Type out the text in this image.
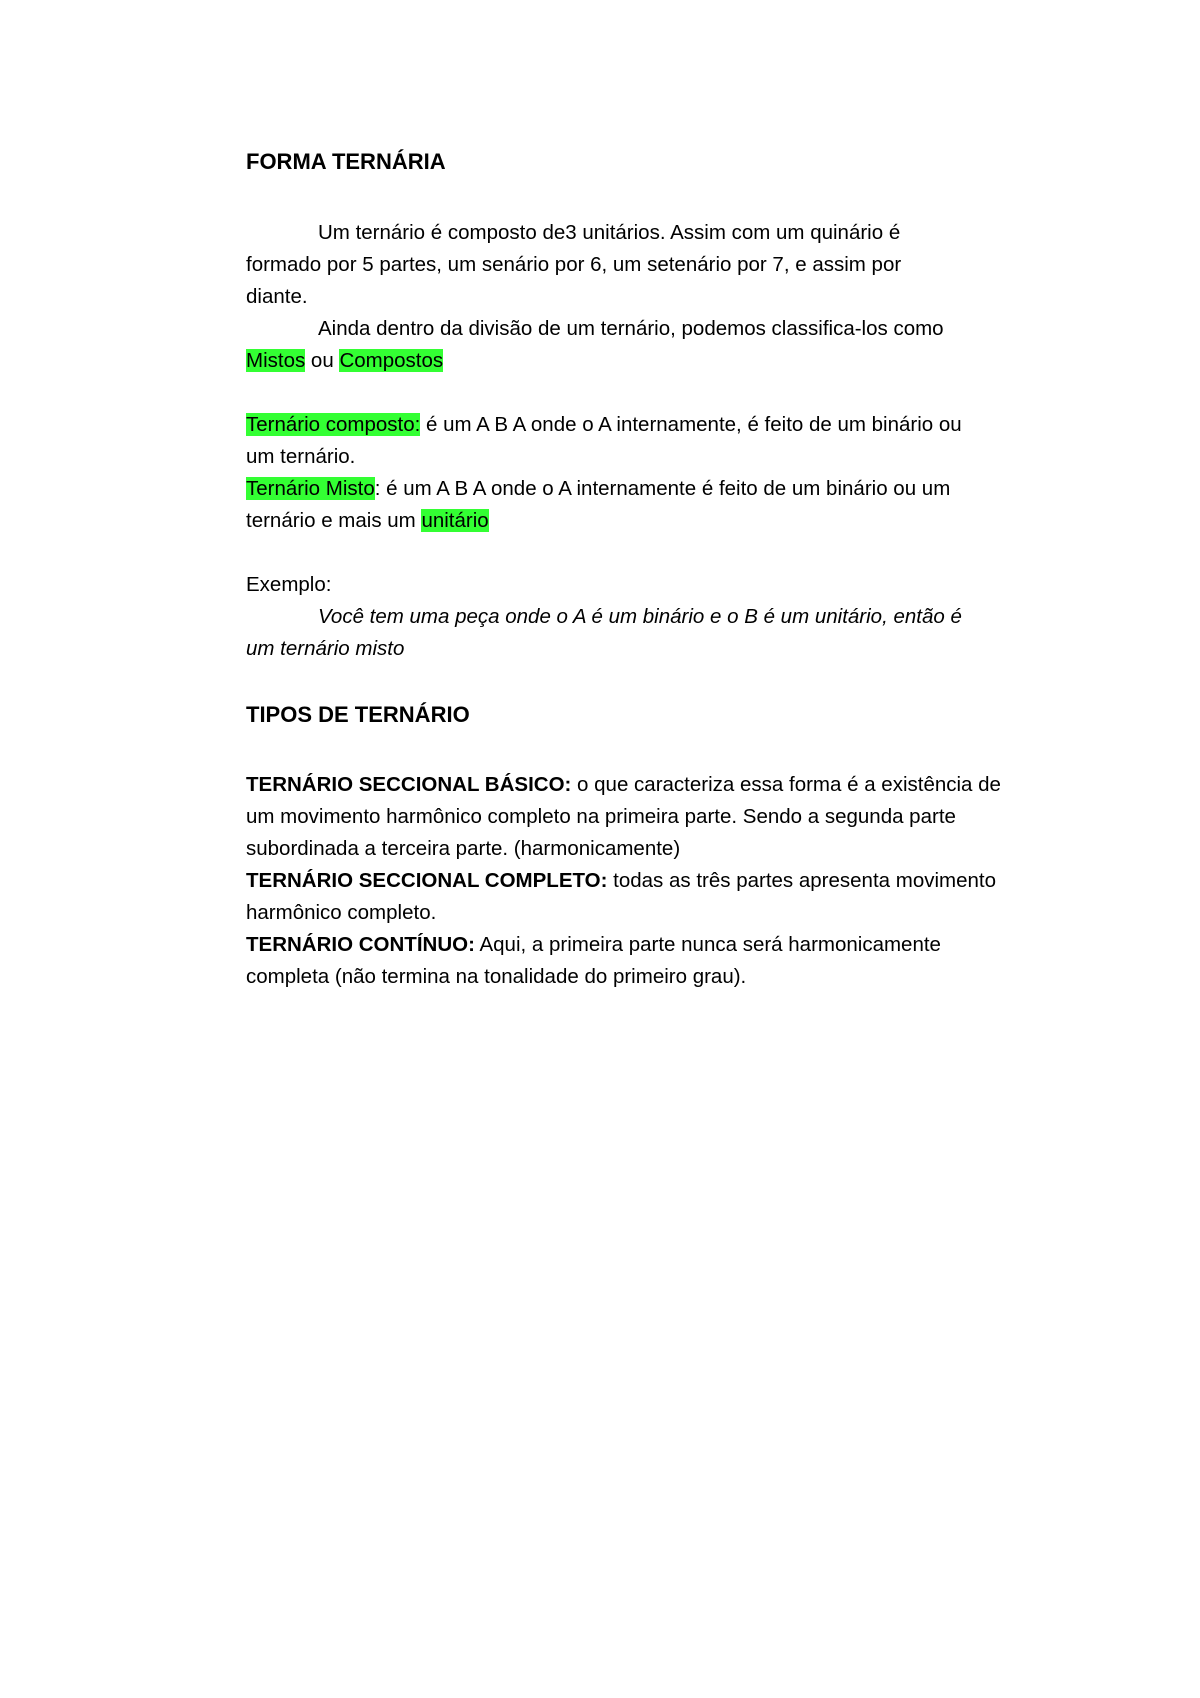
FORMA TERNÁRIA
Um ternário é composto de3 unitários. Assim com um quinário é
formado por 5 partes, um senário por 6, um setenário por 7, e assim por
diante.
Ainda dentro da divisão de um ternário, podemos classifica-los como
Mistos ou Compostos
Ternário composto: é um A B A onde o A internamente, é feito de um binário ou
um ternário.
Ternário Misto: é um A B A onde o A internamente é feito de um binário ou um
ternário e mais um unitário
Exemplo:
Você tem uma peça onde o A é um binário e o B é um unitário, então é
um ternário misto
TIPOS DE TERNÁRIO
TERNÁRIO SECCIONAL BÁSICO: o que caracteriza essa forma é a existência de
um movimento harmônico completo na primeira parte. Sendo a segunda parte
subordinada a terceira parte. (harmonicamente)
TERNÁRIO SECCIONAL COMPLETO: todas as três partes apresenta movimento
harmônico completo.
TERNÁRIO CONTÍNUO: Aqui, a primeira parte nunca será harmonicamente
completa (não termina na tonalidade do primeiro grau).
